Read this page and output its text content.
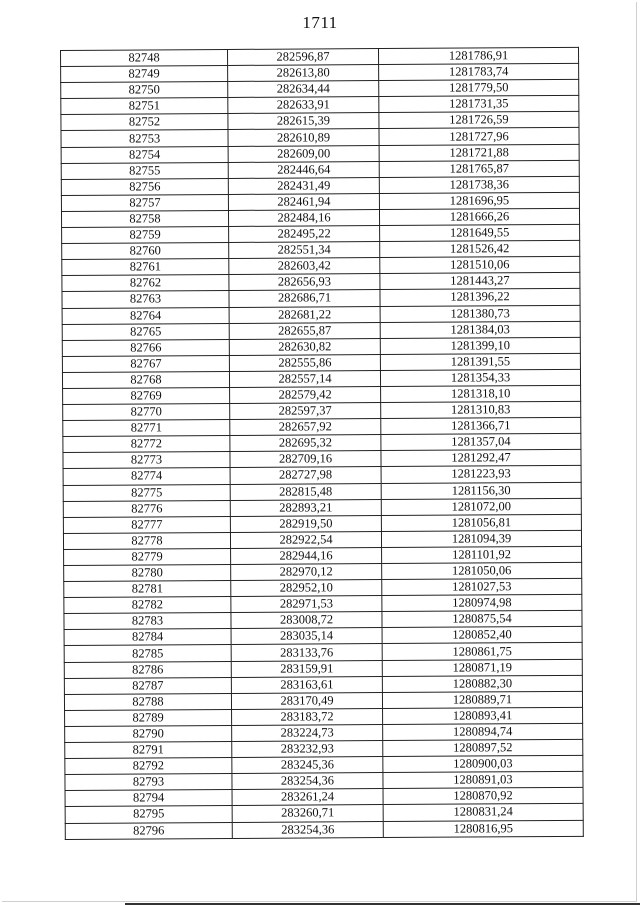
1711
82748	282596,87	1281786,91
82749	282613,80	1281783,74
82750	282634,44	1281779,50
82751	282633,91	1281731,35
82752	282615,39	1281726,59
82753	282610,89	1281727,96
82754	282609,00	1281721,88
82755	282446,64	1281765,87
82756	282431,49	1281738,36
82757	282461,94	1281696,95
82758	282484,16	1281666,26
82759	282495,22	1281649,55
82760	282551,34	1281526,42
82761	282603,42	1281510,06
82762	282656,93	1281443,27
82763	282686,71	1281396,22
82764	282681,22	1281380,73
82765	282655,87	1281384,03
82766	282630,82	1281399,10
82767	282555,86	1281391,55
82768	282557,14	1281354,33
82769	282579,42	1281318,10
82770	282597,37	1281310,83
82771	282657,92	1281366,71
82772	282695,32	1281357,04
82773	282709,16	1281292,47
82774	282727,98	1281223,93
82775	282815,48	1281156,30
82776	282893,21	1281072,00
82777	282919,50	1281056,81
82778	282922,54	1281094,39
82779	282944,16	1281101,92
82780	282970,12	1281050,06
82781	282952,10	1281027,53
82782	282971,53	1280974,98
82783	283008,72	1280875,54
82784	283035,14	1280852,40
82785	283133,76	1280861,75
82786	283159,91	1280871,19
82787	283163,61	1280882,30
82788	283170,49	1280889,71
82789	283183,72	1280893,41
82790	283224,73	1280894,74
82791	283232,93	1280897,52
82792	283245,36	1280900,03
82793	283254,36	1280891,03
82794	283261,24	1280870,92
82795	283260,71	1280831,24
82796	283254,36	1280816,95
